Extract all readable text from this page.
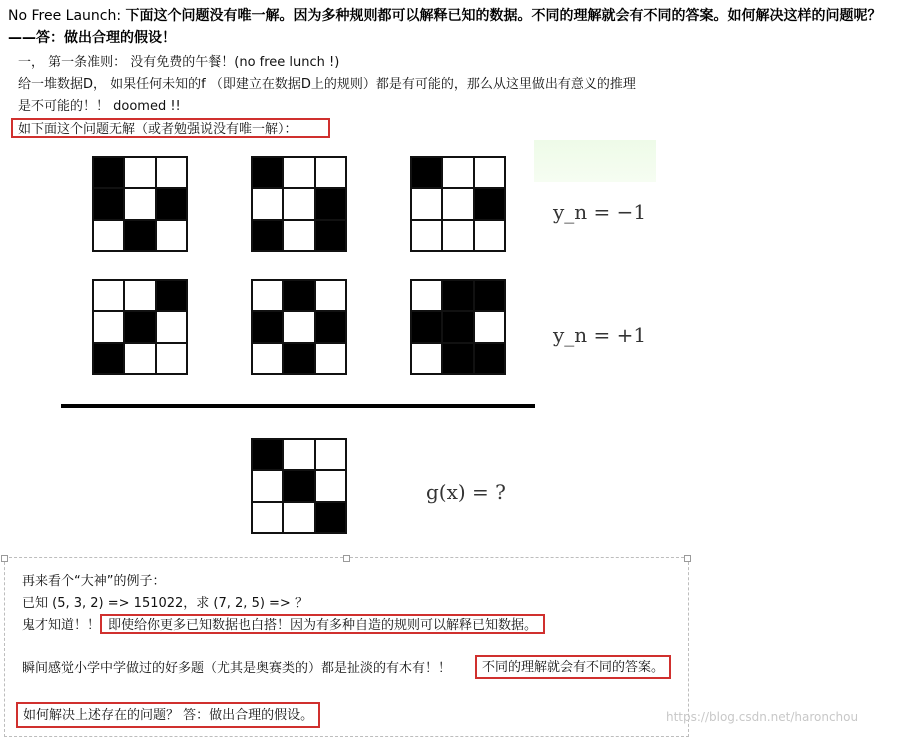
No Free Launch: 下面这个问题没有唯一解。因为多种规则都可以解释已知的数据。不同的理解就会有不同的答案。如何解决这样的问题呢？——答：做出合理的假设！
一， 第一条准则： 没有免费的午餐！(no free lunch !)
给一堆数据D， 如果任何未知的f （即建立在数据D上的规则）都是有可能的，那么从这里做出有意义的推理
是不可能的！！ doomed !!
如下面这个问题无解（或者勉强说没有唯一解）：
y_n = −1
y_n = +1
g(x) = ?
再来看个“大神”的例子：
已知 (5, 3, 2) => 151022，求 (7, 2, 5) => ？
鬼才知道！！ 即使给你更多已知数据也白搭！因为有多种自造的规则可以解释已知数据。
瞬间感觉小学中学做过的好多题（尤其是奥赛类的）都是扯淡的有木有！！	不同的理解就会有不同的答案。
如何解决上述存在的问题？ 答：做出合理的假设。	https://blog.csdn.net/haronchou
